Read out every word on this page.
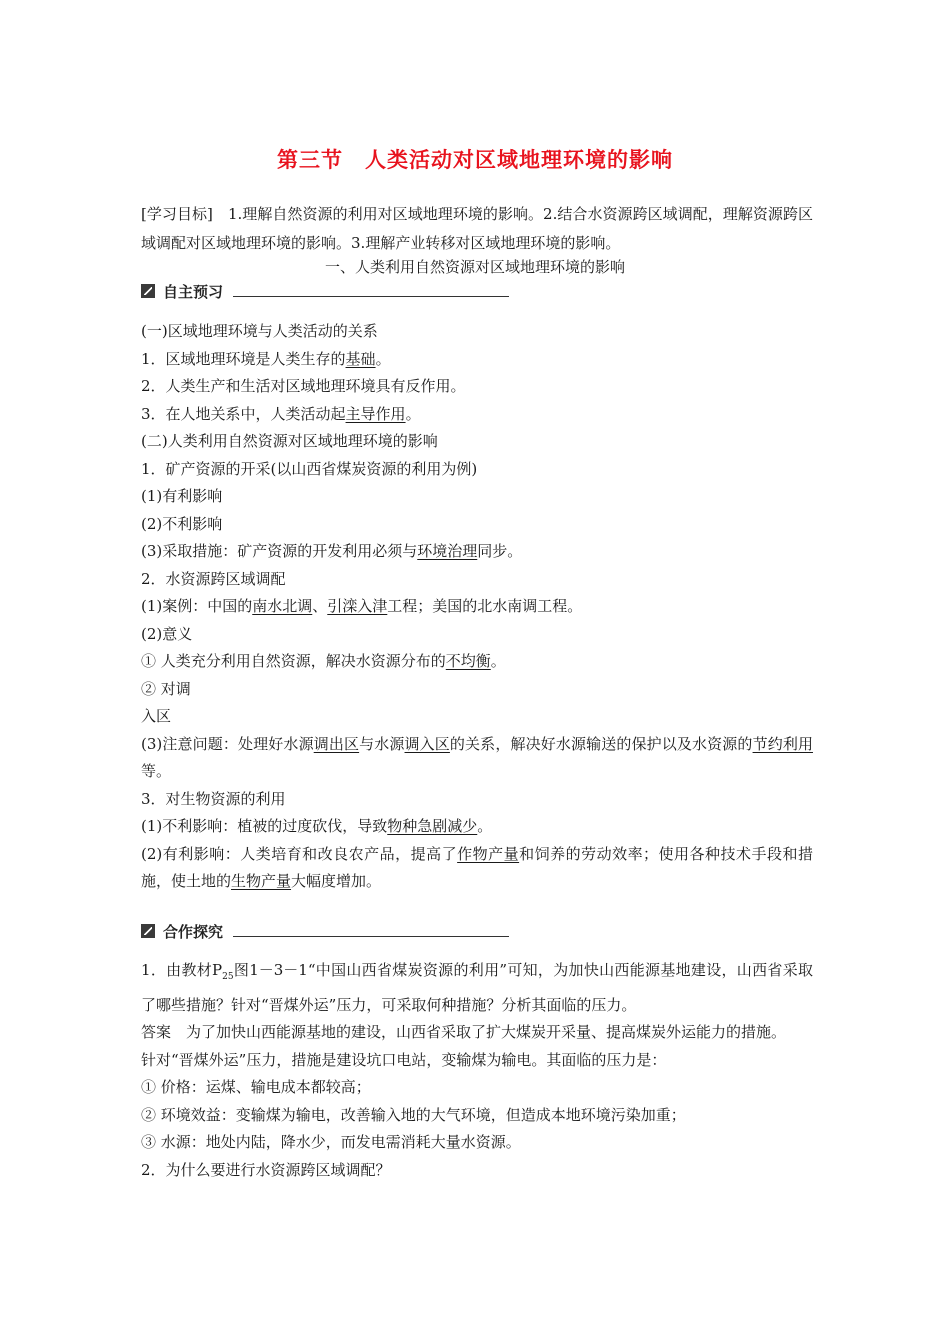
第三节　人类活动对区域地理环境的影响
[学习目标]　1.理解自然资源的利用对区域地理环境的影响。2.结合水资源跨区域调配，理解资源跨区域调配对区域地理环境的影响。3.理解产业转移对区域地理环境的影响。
一、人类利用自然资源对区域地理环境的影响
自主预习

(一)区域地理环境与人类活动的关系

1．区域地理环境是人类生存的基础。

2．人类生产和生活对区域地理环境具有反作用。

3．在人地关系中，人类活动起主导作用。

(二)人类利用自然资源对区域地理环境的影响

1．矿产资源的开采(以山西省煤炭资源的利用为例)

(1)有利影响

(2)不利影响

(3)采取措施：矿产资源的开发利用必须与环境治理同步。

2．水资源跨区域调配

(1)案例：中国的南水北调、引滦入津工程；美国的北水南调工程。

(2)意义

① 人类充分利用自然资源，解决水资源分布的不均衡。

② 对调

入区

(3)注意问题：处理好水源调出区与水源调入区的关系，解决好水源输送的保护以及水资源的节约利用等。

3．对生物资源的利用

(1)不利影响：植被的过度砍伐，导致物种急剧减少。

(2)有利影响：人类培育和改良农产品，提高了作物产量和饲养的劳动效率；使用各种技术手段和措施，使土地的生物产量大幅度增加。

合作探究

1．由教材$P_{25}$图1－3－1“中国山西省煤炭资源的利用”可知，为加快山西能源基地建设，山西省采取了哪些措施？针对“晋煤外运”压力，可采取何种措施？分析其面临的压力。

答案　为了加快山西能源基地的建设，山西省采取了扩大煤炭开采量、提高煤炭外运能力的措施。

针对“晋煤外运”压力，措施是建设坑口电站，变输煤为输电。其面临的压力是：

① 价格：运煤、输电成本都较高；

② 环境效益：变输煤为输电，改善输入地的大气环境，但造成本地环境污染加重；

③ 水源：地处内陆，降水少，而发电需消耗大量水资源。

2．为什么要进行水资源跨区域调配？
